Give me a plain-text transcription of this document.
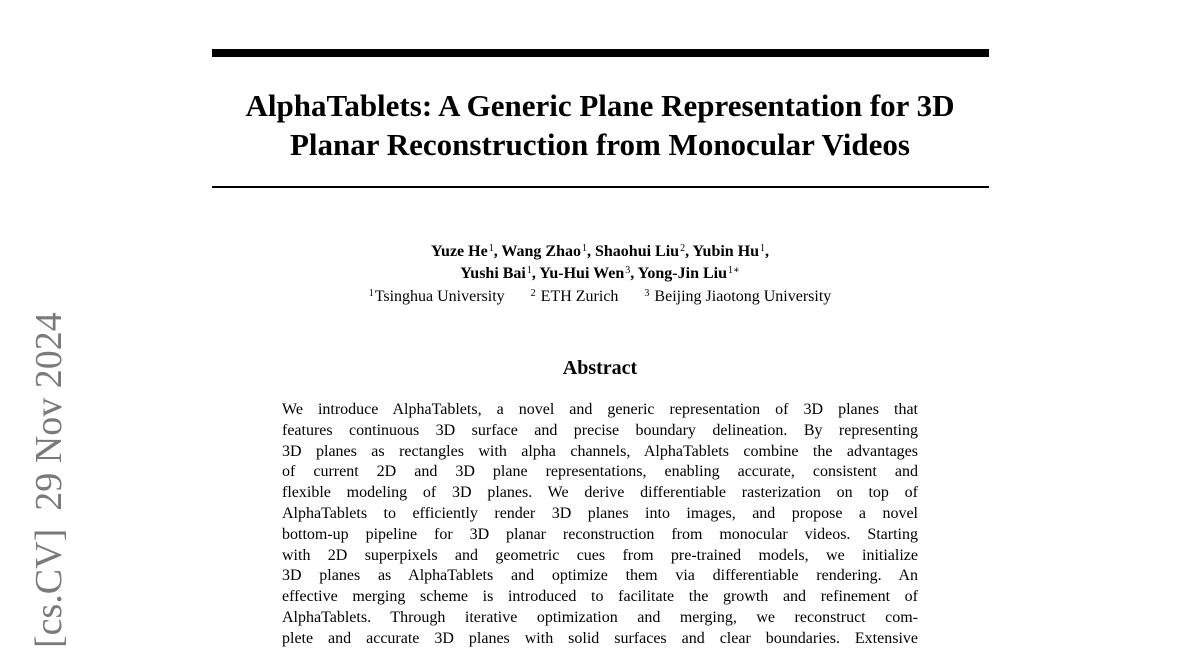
[cs.CV]29 Nov 2024
AlphaTablets: A Generic Plane Representation for 3D
Planar Reconstruction from Monocular Videos
Yuze He$^1$, Wang Zhao$^1$, Shaohui Liu$^2$, Yubin Hu$^1$,
Yushi Bai$^1$, Yu-Hui Wen$^3$, Yong-Jin Liu$^{1∗}$
$^1$Tsinghua University	$^2$ ETH Zurich	$^3$ Beijing Jiaotong University
Abstract

We introduce AlphaTablets, a novel and generic representation of 3D planes that
features continuous 3D surface and precise boundary delineation. By representing
3D planes as rectangles with alpha channels, AlphaTablets combine the advantages
of current 2D and 3D plane representations, enabling accurate, consistent and
flexible modeling of 3D planes. We derive differentiable rasterization on top of
AlphaTablets to efficiently render 3D planes into images, and propose a novel
bottom-up pipeline for 3D planar reconstruction from monocular videos. Starting
with 2D superpixels and geometric cues from pre-trained models, we initialize
3D planes as AlphaTablets and optimize them via differentiable rendering. An
effective merging scheme is introduced to facilitate the growth and refinement of
AlphaTablets. Through iterative optimization and merging, we reconstruct com-
plete and accurate 3D planes with solid surfaces and clear boundaries. Extensive
